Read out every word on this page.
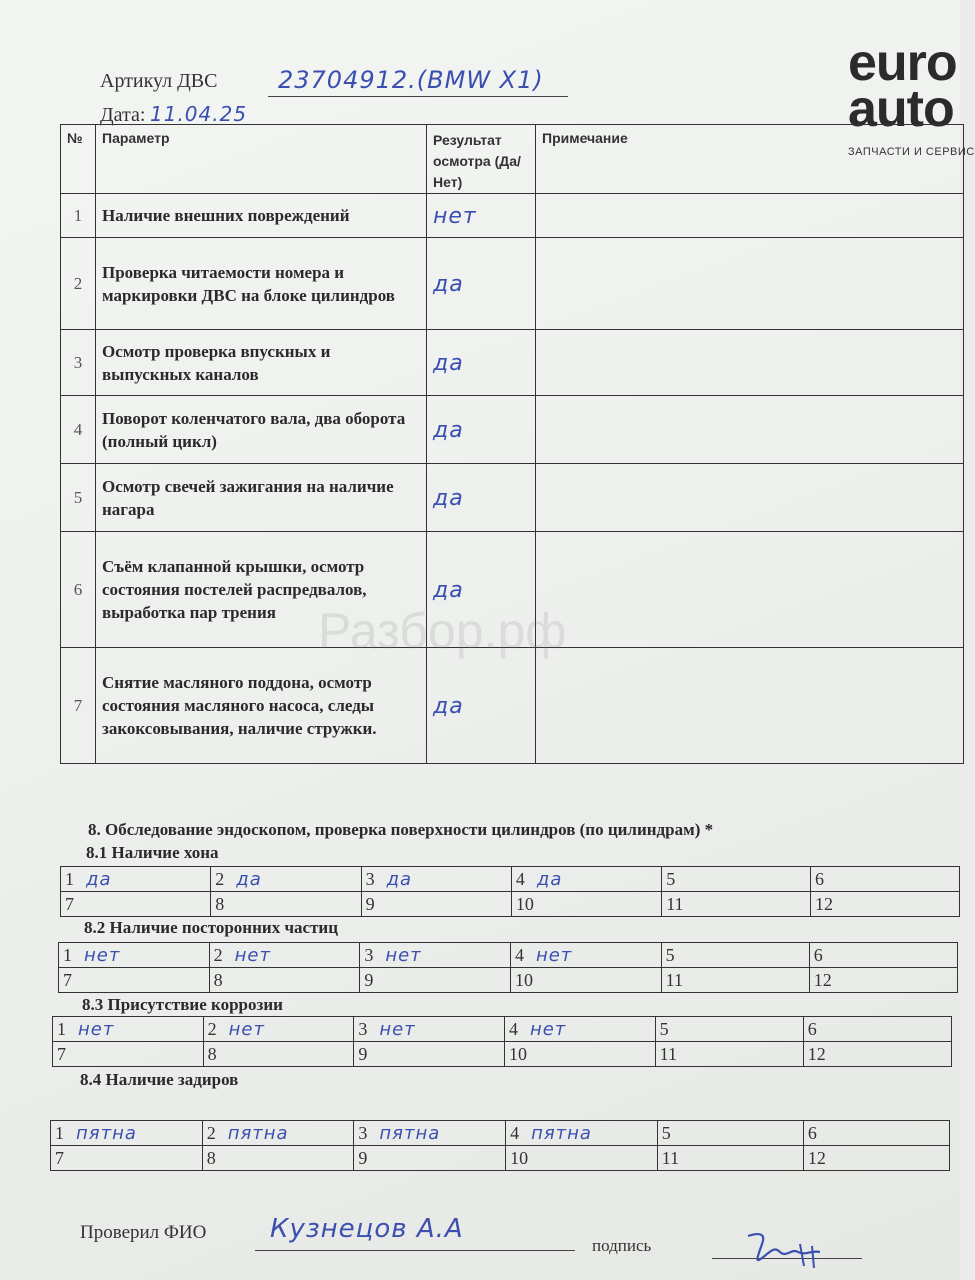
Артикул ДВС	23704912.(BMW X1)
Дата: 11.04.25
euro
auto
ЗАПЧАСТИ И СЕРВИС
№	Параметр	Результат осмотра (Да/Нет)	Примечание
1	Наличие внешних повреждений	нет	
2	Проверка читаемости номера и маркировки ДВС на блоке цилиндров	да	
3	Осмотр проверка впускных и выпускных каналов	да	
4	Поворот коленчатого вала, два оборота (полный цикл)	да	
5	Осмотр свечей зажигания на наличие нагара	да	
6	Съём клапанной крышки, осмотр состояния постелей распредвалов, выработка пар трения	да	
7	Снятие масляного поддона, осмотр состояния масляного насоса, следы закоксовывания, наличие стружки.	да	
Разбор.рф
8. Обследование эндоскопом, проверка поверхности цилиндров (по цилиндрам) *
8.1 Наличие хона
1 да	2 да	3 да	4 да	5	6
7	8	9	10	11	12
8.2 Наличие посторонних частиц
1 нет	2 нет	3 нет	4 нет	5	6
7	8	9	10	11	12
8.3 Присутствие коррозии
1 нет	2 нет	3 нет	4 нет	5	6
7	8	9	10	11	12
8.4 Наличие задиров
1 пятна	2 пятна	3 пятна	4 пятна	5	6
7	8	9	10	11	12
Проверил ФИО Кузнецов А.А
подпись
